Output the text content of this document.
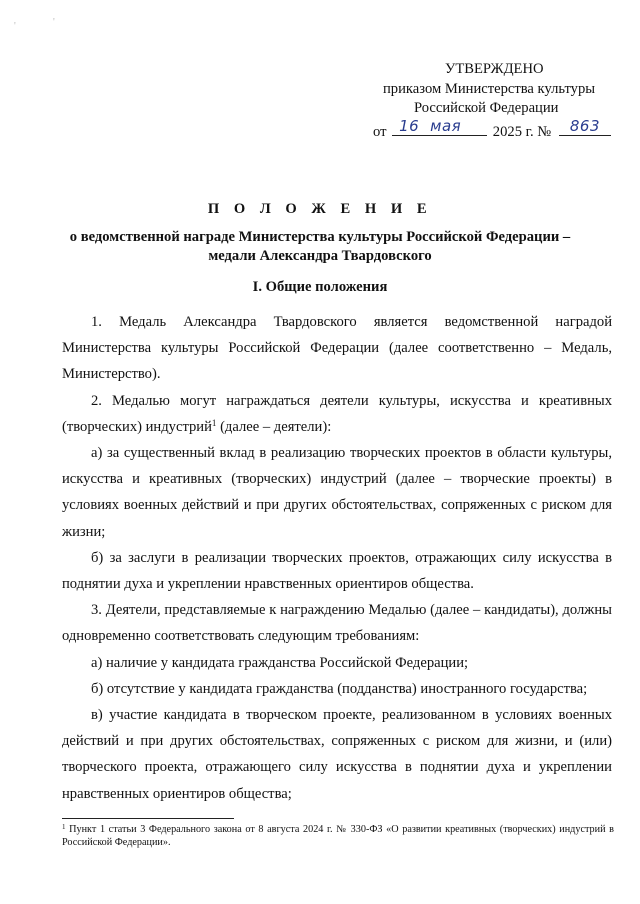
'	'
УТВЕРЖДЕНО
приказом Министерства культуры
Российской Федерации
от 16 мая 2025 г. № 863
П О Л О Ж Е Н И Е
о ведомственной награде Министерства культуры Российской Федерации –
медали Александра Твардовского
I. Общие положения

1. Медаль Александра Твардовского является ведомственной наградой Министерства культуры Российской Федерации (далее соответственно – Медаль, Министерство).

2. Медалью могут награждаться деятели культуры, искусства и креативных (творческих) индустрий$^1$ (далее – деятели):

а) за существенный вклад в реализацию творческих проектов в области культуры, искусства и креативных (творческих) индустрий (далее – творческие проекты) в условиях военных действий и при других обстоятельствах, сопряженных с риском для жизни;

б) за заслуги в реализации творческих проектов, отражающих силу искусства в поднятии духа и укреплении нравственных ориентиров общества.

3. Деятели, представляемые к награждению Медалью (далее – кандидаты), должны одновременно соответствовать следующим требованиям:

а) наличие у кандидата гражданства Российской Федерации;

б) отсутствие у кандидата гражданства (подданства) иностранного государства;

в) участие кандидата в творческом проекте, реализованном в условиях военных действий и при других обстоятельствах, сопряженных с риском для жизни, и (или) творческого проекта, отражающего силу искусства в поднятии духа и укреплении нравственных ориентиров общества;

$^1$ Пункт 1 статьи 3 Федерального закона от 8 августа 2024 г. № 330-ФЗ «О развитии креативных (творческих) индустрий в Российской Федерации».
